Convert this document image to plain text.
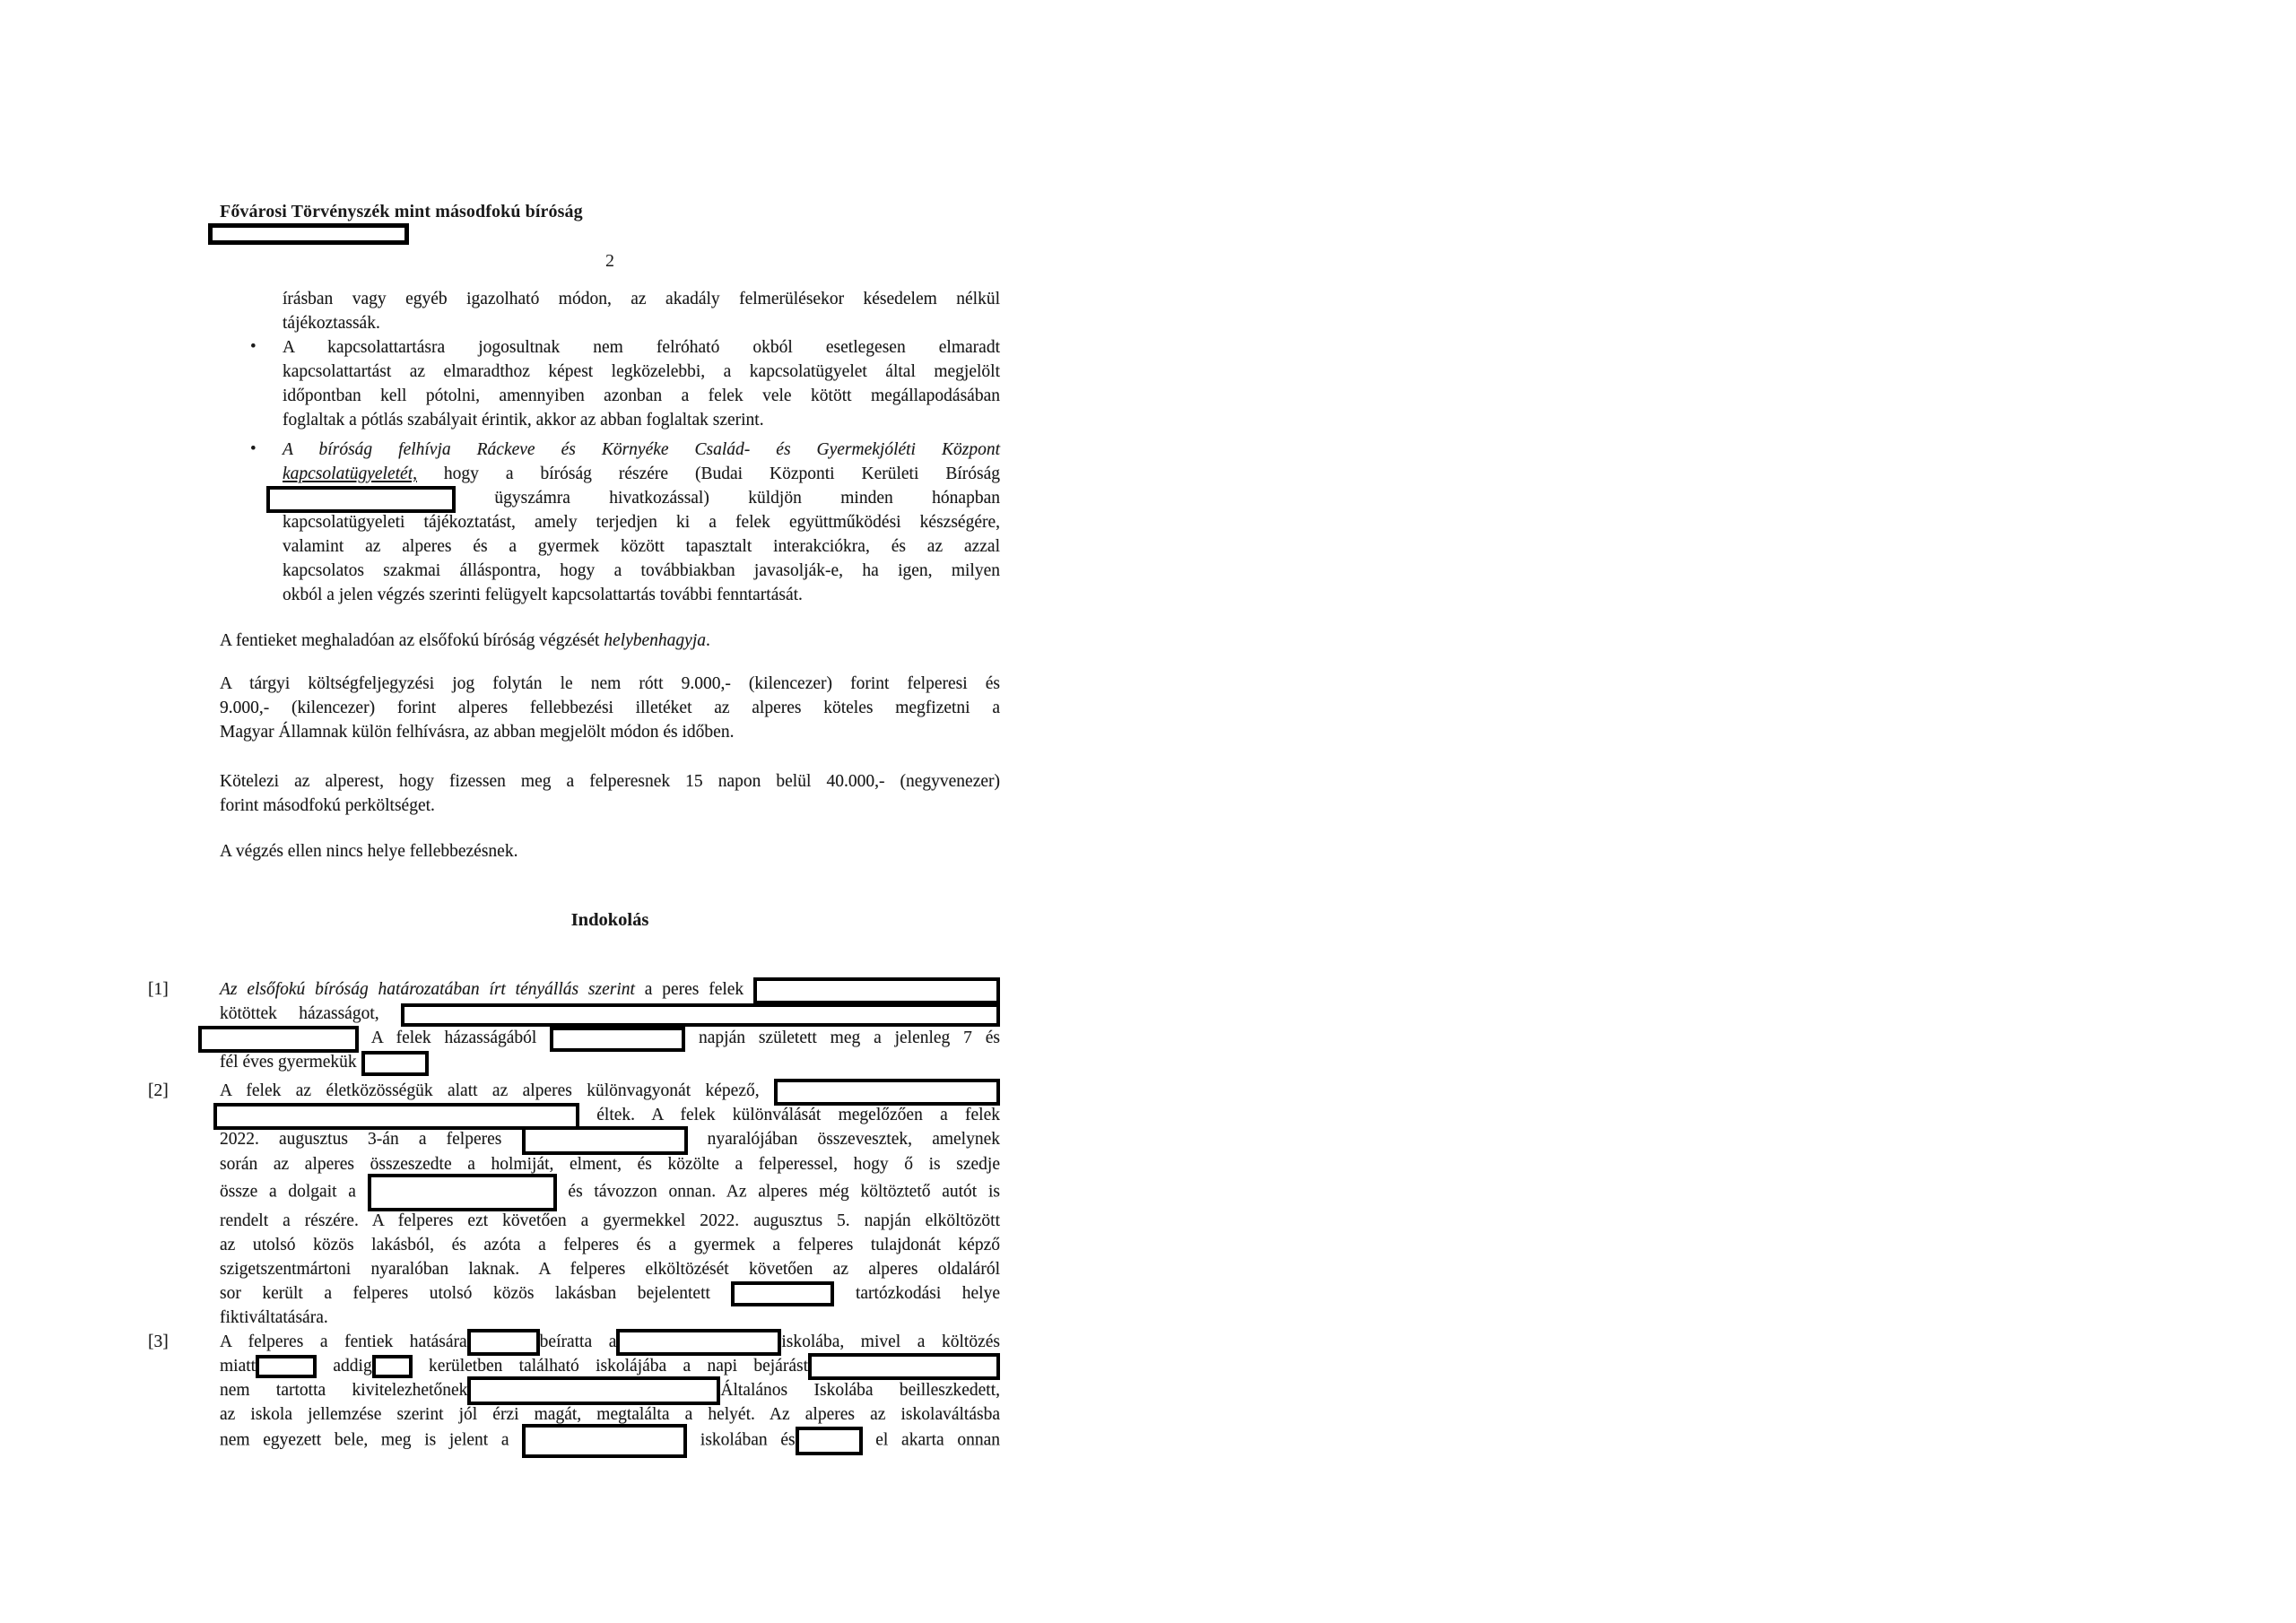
Fővárosi Törvényszék mint másodfokú bíróság
2
írásban vagy egyéb igazolható módon, az akadály felmerülésekor késedelem nélkül
tájékoztassák.
• A kapcsolattartásra jogosultnak nem felróható okból esetlegesen elmaradt
kapcsolattartást az elmaradthoz képest legközelebbi, a kapcsolatügyelet által megjelölt
időpontban kell pótolni, amennyiben azonban a felek vele kötött megállapodásában
foglaltak a pótlás szabályait érintik, akkor az abban foglaltak szerint.
• A bíróság felhívja Ráckeve és Környéke Család- és Gyermekjóléti Központ
kapcsolatügyeletét, hogy a bíróság részére (Budai Központi Kerületi Bíróság
ügyszámra hivatkozással) küldjön minden hónapban
kapcsolatügyeleti tájékoztatást, amely terjedjen ki a felek együttműködési készségére,
valamint az alperes és a gyermek között tapasztalt interakciókra, és az azzal
kapcsolatos szakmai álláspontra, hogy a továbbiakban javasolják-e, ha igen, milyen
okból a jelen végzés szerinti felügyelt kapcsolattartás további fenntartását.
A fentieket meghaladóan az elsőfokú bíróság végzését helybenhagyja.
A tárgyi költségfeljegyzési jog folytán le nem rótt 9.000,- (kilencezer) forint felperesi és
9.000,- (kilencezer) forint alperes fellebbezési illetéket az alperes köteles megfizetni a
Magyar Államnak külön felhívásra, az abban megjelölt módon és időben.
Kötelezi az alperest, hogy fizessen meg a felperesnek 15 napon belül 40.000,- (negyvenezer)
forint másodfokú perköltséget.
A végzés ellen nincs helye fellebbezésnek.
Indokolás
[1]	Az elsőfokú bíróság határozatában írt tényállás szerint a peres felek
kötöttek házasságot,
A felek házasságából	napján született meg a jelenleg 7 és
fél éves gyermekük
[2]	A felek az életközösségük alatt az alperes különvagyonát képező,
éltek. A felek különválását megelőzően a felek
2022. augusztus 3-án a felperes	nyaralójában összevesztek, amelynek
során az alperes összeszedte a holmiját, elment, és közölte a felperessel, hogy ő is szedje
össze a dolgait a	és távozzon onnan. Az alperes még költöztető autót is
rendelt a részére. A felperes ezt követően a gyermekkel 2022. augusztus 5. napján elköltözött
az utolsó közös lakásból, és azóta a felperes és a gyermek a felperes tulajdonát képző
szigetszentmártoni nyaralóban laknak. A felperes elköltözését követően az alperes oldaláról
sor került a felperes utolsó közös lakásban bejelentett	tartózkodási helye
fiktiváltatására.
[3]	A felperes a fentiek hatására	beíratta a	iskolába, mivel a költözés
miatt	addig kerületben található iskolájába a napi bejárást
nem tartotta kivitelezhetőnek	Általános Iskolába beilleszkedett,
az iskola jellemzése szerint jól érzi magát, megtalálta a helyét. Az alperes az iskolaváltásba
nem egyezett bele, meg is jelent a	iskolában és	el akarta onnan
